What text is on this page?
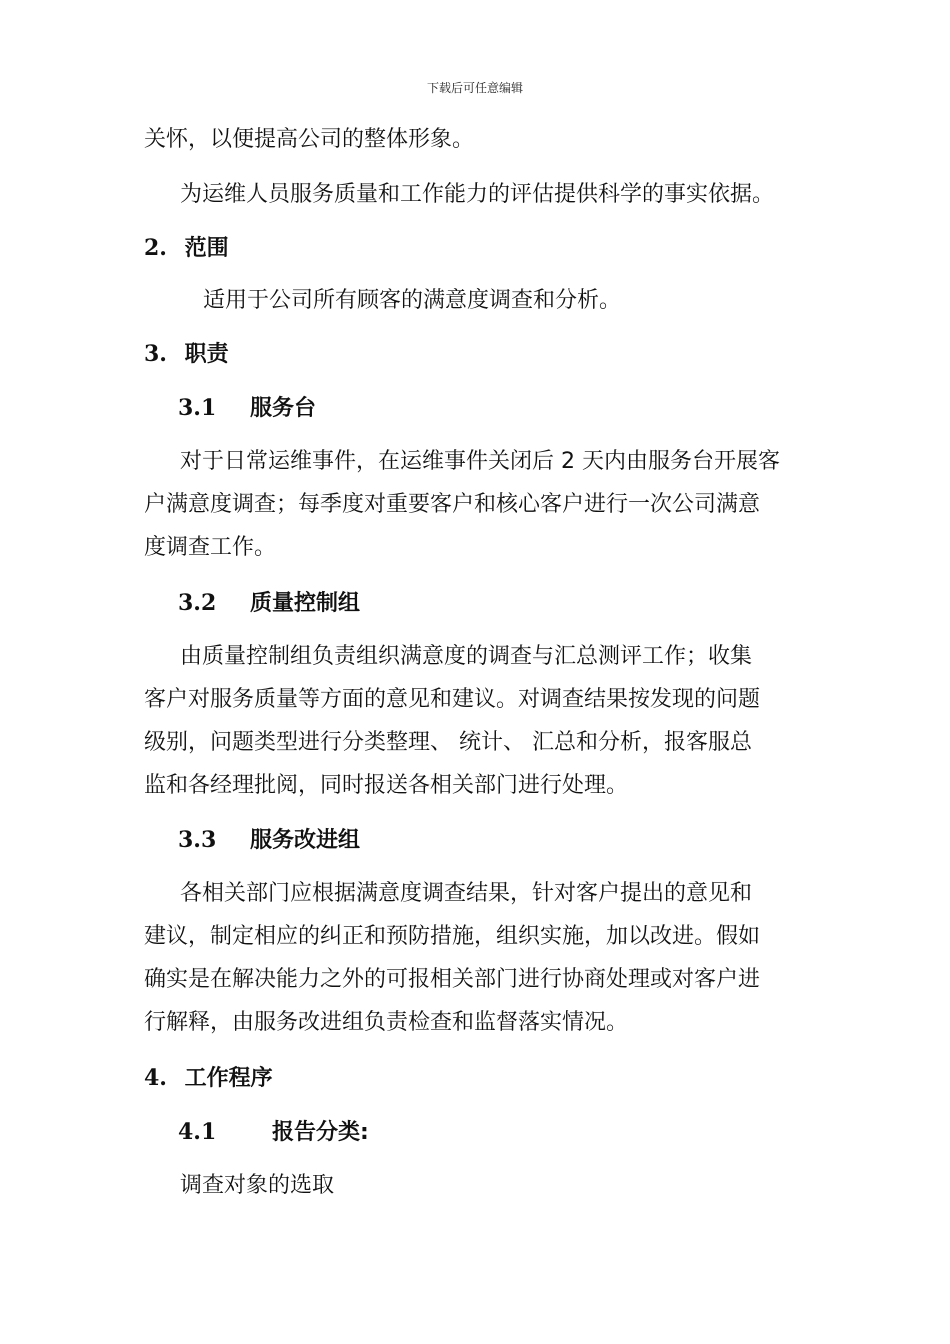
下载后可任意编辑
关怀，以便提高公司的整体形象。
为运维人员服务质量和工作能力的评估提供科学的事实依据。
2. 范围
适用于公司所有顾客的满意度调查和分析。
3. 职责
3.1 服务台
对于日常运维事件，在运维事件关闭后 2 天内由服务台开展客
户满意度调查；每季度对重要客户和核心客户进行一次公司满意
度调查工作。
3.2 质量控制组
由质量控制组负责组织满意度的调查与汇总测评工作；收集
客户对服务质量等方面的意见和建议。对调查结果按发现的问题
级别，问题类型进行分类整理、 统计、 汇总和分析，报客服总
监和各经理批阅，同时报送各相关部门进行处理。
3.3 服务改进组
各相关部门应根据满意度调查结果，针对客户提出的意见和
建议，制定相应的纠正和预防措施，组织实施，加以改进。假如
确实是在解决能力之外的可报相关部门进行协商处理或对客户进
行解释，由服务改进组负责检查和监督落实情况。
4. 工作程序
4.1	报告分类:
调查对象的选取
